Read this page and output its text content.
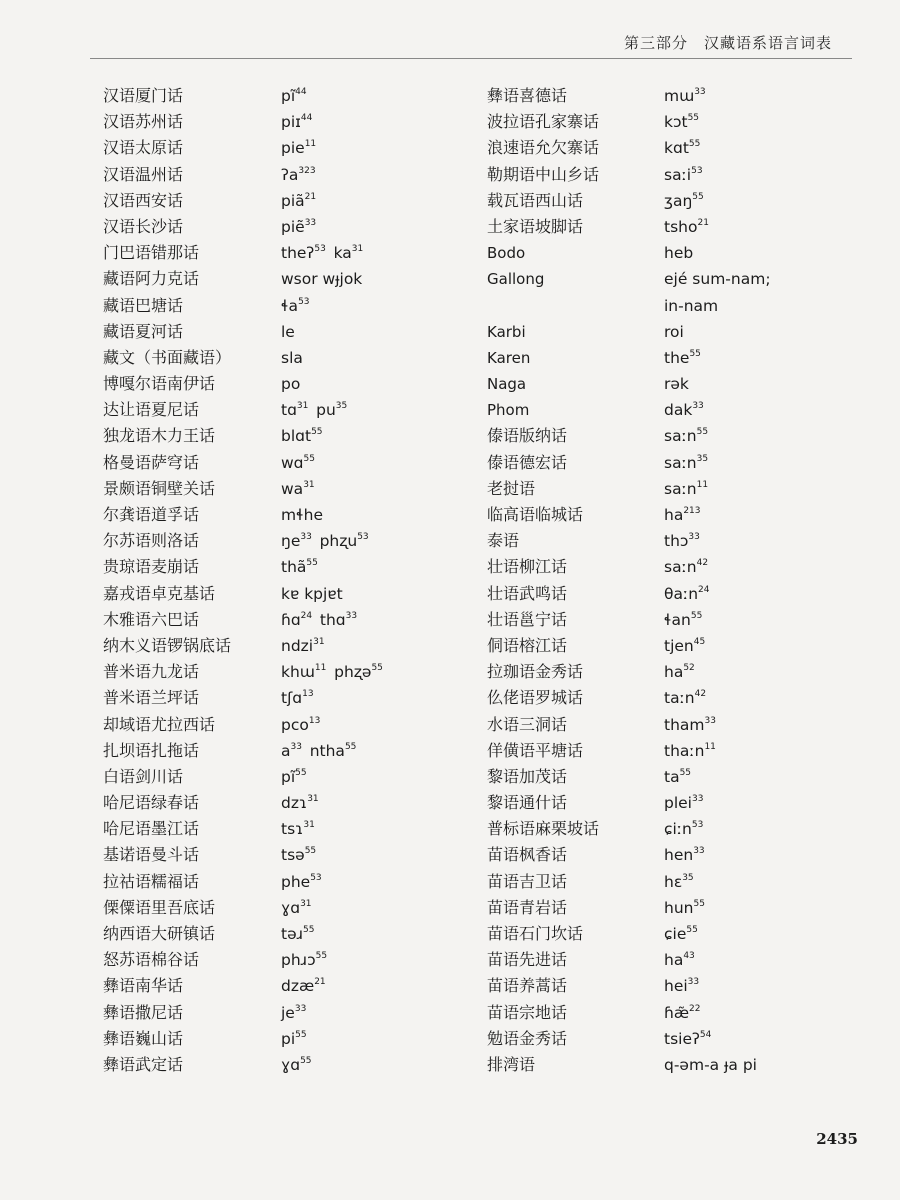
第三部分 汉藏语系语言词表
汉语厦门话	$pĩ^{44}$
汉语苏州话	piɪ$^{44}$
汉语太原话	pie$^{11}$
汉语温州话	ʔa$^{323}$
汉语西安话	piã$^{21}$
汉语长沙话	piẽ$^{33}$
门巴语错那话	theʔ$^{53}$  $ka^{31}$
藏语阿力克话	wsor wɟjok
藏语巴塘话	ɬa$^{53}$
藏语夏河话	le
藏文（书面藏语）	sla
博嘎尔语南伊话	po
达让语夏尼话	tɑ$^{31}$  $pu^{35}$
独龙语木力王话	blɑt$^{55}$
格曼语萨穹话	wɑ$^{55}$
景颇语铜壁关话	$wa^{31}$
尔龚语道孚话	mɬhe
尔苏语则洛话	$ŋe^{33}$  phʐu$^{53}$
贵琼语麦崩话	thã$^{55}$
嘉戎语卓克基话	kɐ kpjɐt
木雅语六巴话	ɦɑ$^{24}$  thɑ$^{33}$
纳木义语锣锅底话	ndzi$^{31}$
普米语九龙话	khɯ$^{11}$  phʐə$^{55}$
普米语兰坪话	tʃɑ$^{13}$
却域语尤拉西话	pco$^{13}$
扎坝语扎拖话	$a^{33}$  ntha$^{55}$
白语剑川话	$pĩ^{55}$
哈尼语绿春话	dzɿ$^{31}$
哈尼语墨江话	tsɿ$^{31}$
基诺语曼斗话	tsə$^{55}$
拉祜语糯福话	phe$^{53}$
傈僳语里吾底话	ɣɑ$^{31}$
纳西语大研镇话	təɹ$^{55}$
怒苏语棉谷话	phɹɔ$^{55}$
彝语南华话	dzæ$^{21}$
彝语撒尼话	$je^{33}$
彝语巍山话	$pi^{55}$
彝语武定话	ɣɑ$^{55}$
彝语喜德话	mɯ$^{33}$
波拉语孔家寨话	kɔt$^{55}$
浪速语允欠寨话	kɑt$^{55}$
勒期语中山乡话	saːi$^{53}$
载瓦语西山话	ʒaŋ$^{55}$
土家语坡脚话	tsho$^{21}$
Bodo	heb
Gallong	ejé sum-nam;
in-nam
Karbi	roi
Karen	the$^{55}$
Naga	rək
Phom	dak$^{33}$
傣语版纳话	saːn$^{55}$
傣语德宏话	saːn$^{35}$
老挝语	saːn$^{11}$
临高语临城话	$ha^{213}$
泰语	thɔ$^{33}$
壮语柳江话	saːn$^{42}$
壮语武鸣话	θaːn$^{24}$
壮语邕宁话	ɬan$^{55}$
侗语榕江话	tjen$^{45}$
拉珈语金秀话	$ha^{52}$
仫佬语罗城话	taːn$^{42}$
水语三洞话	tham$^{33}$
佯僙语平塘话	thaːn$^{11}$
黎语加茂话	$ta^{55}$
黎语通什话	plei$^{33}$
普标语麻栗坡话	ɕiːn$^{53}$
苗语枫香话	hen$^{33}$
苗语吉卫话	hɛ$^{35}$
苗语青岩话	hun$^{55}$
苗语石门坎话	ɕie$^{55}$
苗语先进话	$ha^{43}$
苗语养蒿话	hei$^{33}$
苗语宗地话	ɦæ̃$^{22}$
勉语金秀话	tsieʔ$^{54}$
排湾语	q-əm-a ɟa pi
2435
